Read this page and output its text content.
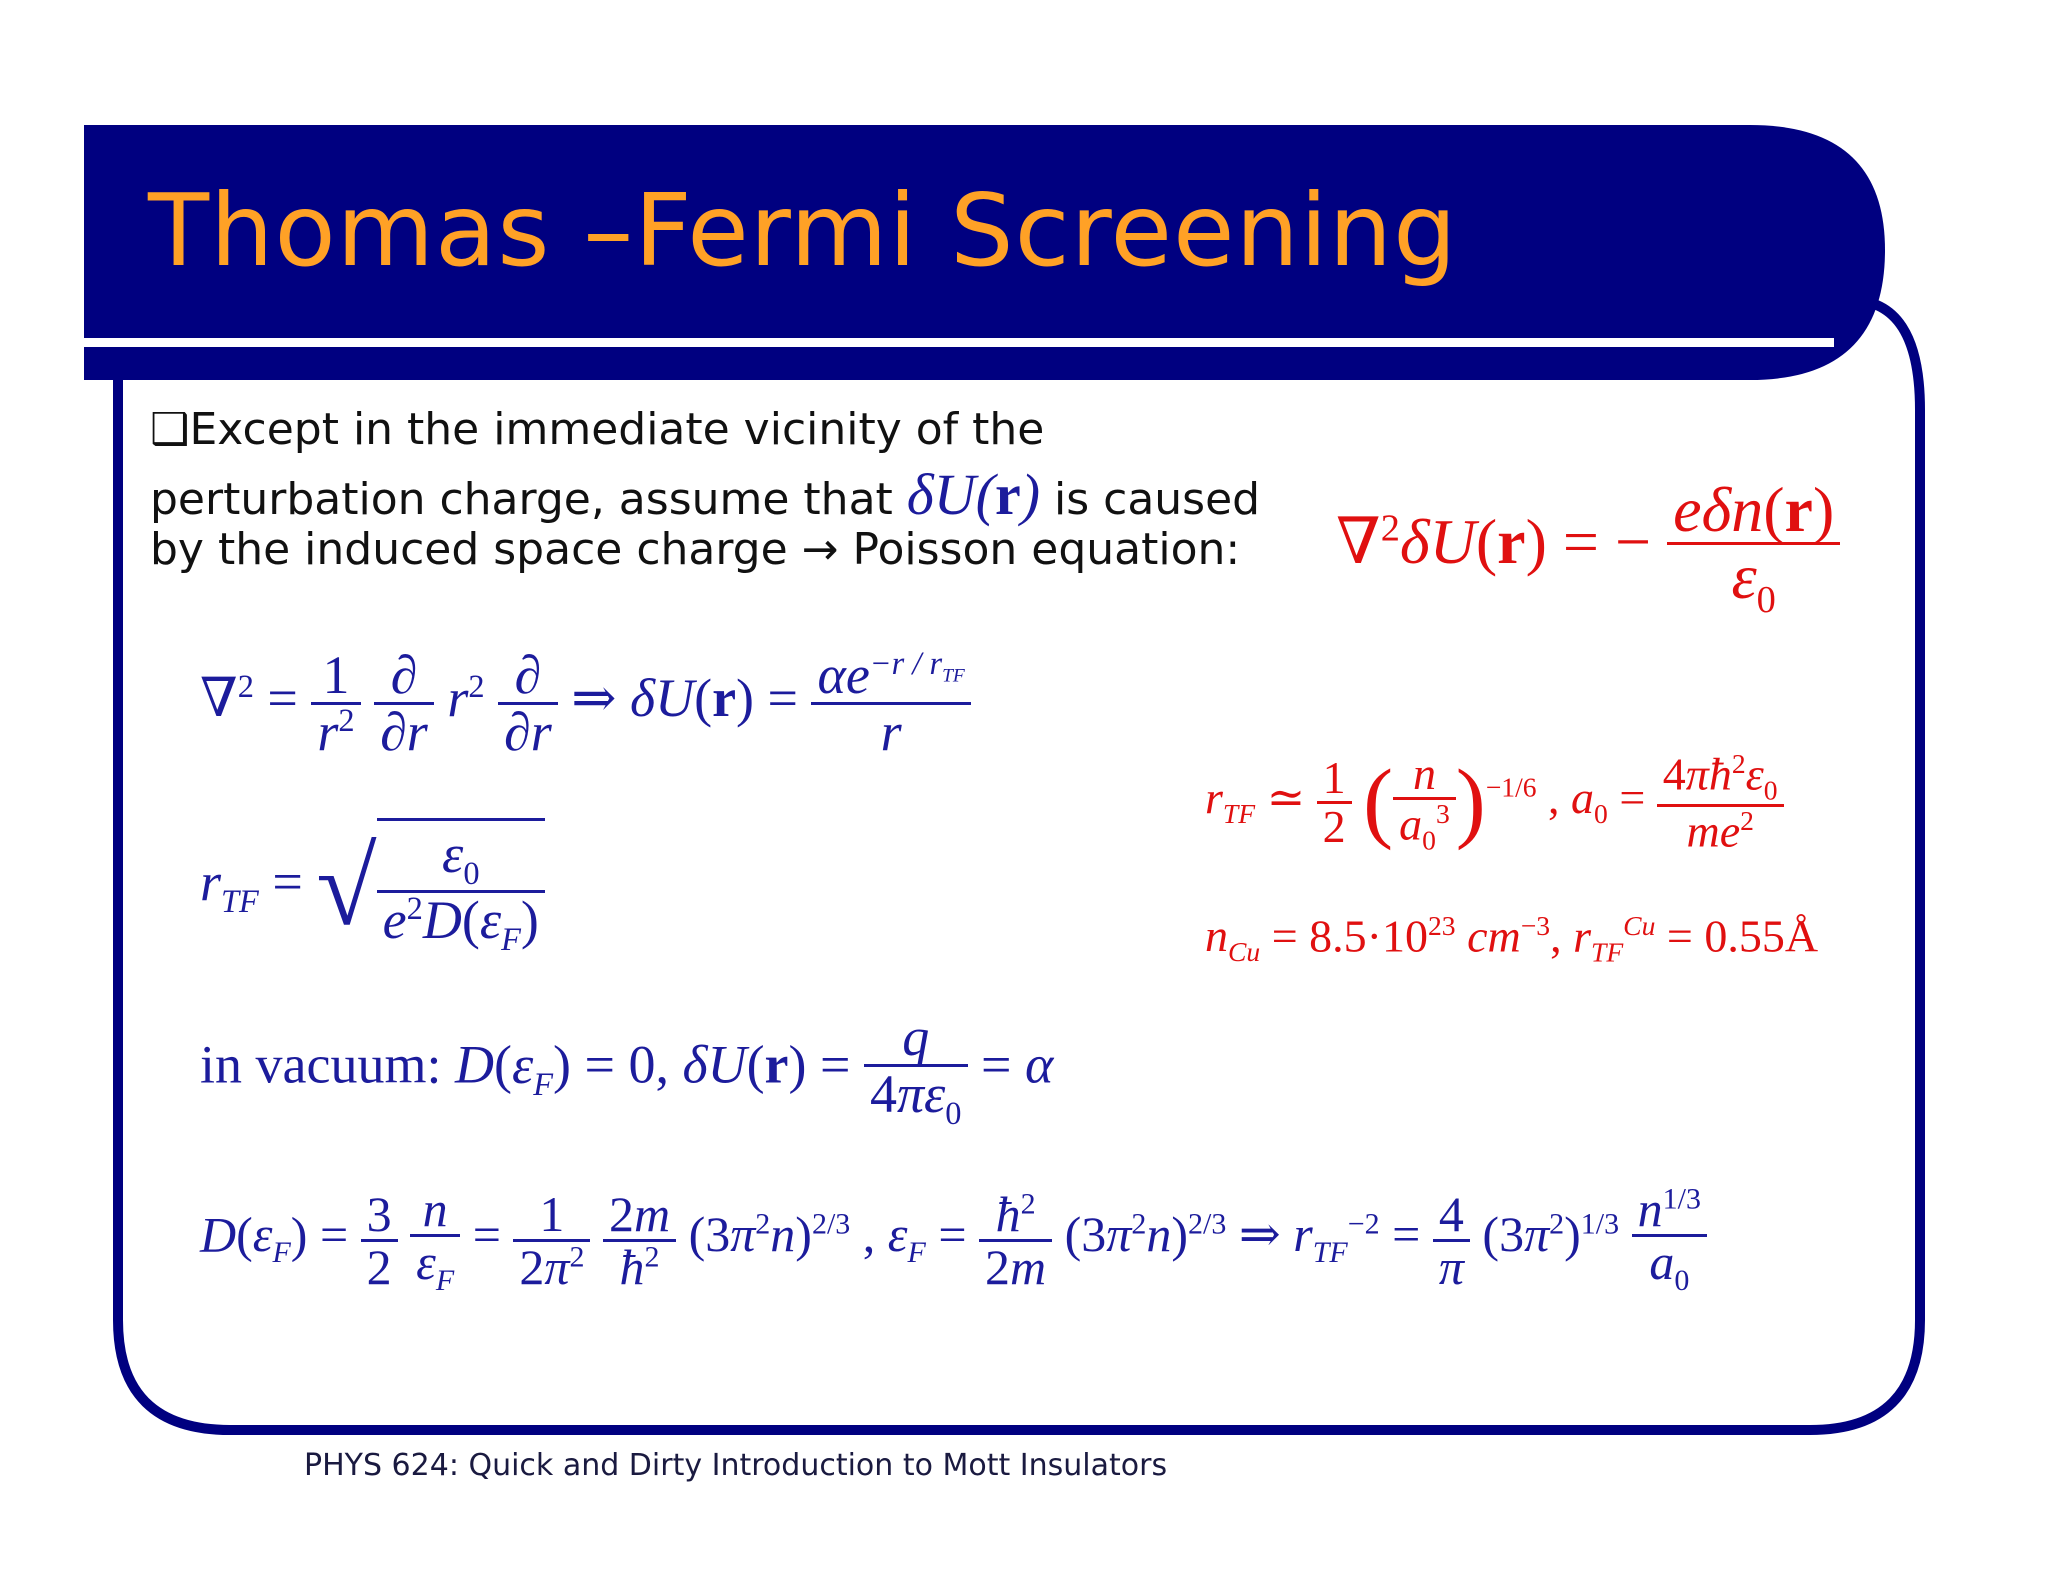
Thomas –Fermi Screening
❑Except in the immediate vicinity of the
perturbation charge, assume that δU(r) is caused
by the induced space charge → Poisson equation: ∇$^2$δU(r) = − $\frac{\text{eδn(r)}}{\varepsilon_0}$
$\nabla^2 = \frac{1}{r^2}$
$\frac{\partial}{\partial r} r^2 \frac{\partial}{\partial r}$ ⇒ $\delta U(r) = \frac{\alpha e^{-r / r_{TF}}}{r}$
$r_{TF}$ = √ $\frac{\varepsilon_0}{e^2D(\varepsilon_F)}$
$r_{TF}$ ≃ $\frac{1}{2}$ ( $\frac{n}{a_0^3} )^{-1/6}$ , $a_0 = \frac{4\pi ħ^2\varepsilon_0}{me^2}$
$n_{Cu} = 8.5\cdot 10^{23}$ $cm^{-3}$, $r_{TF}^{Cu}$ = 0.55Å
in vacuum: $D(\varepsilon_F) = 0$, $\delta U(r) = \frac{q}{4\pi\varepsilon_0} = \alpha$
$D(\varepsilon_F) = \frac{3}{2}$
$\frac{n}{\varepsilon_F} = \frac{1}{2\pi^2}$
$\frac{2m}{ħ^2} (3\pi^2n)^{2/3}$ , $\varepsilon_F = \frac{ħ^2}{2m} (3\pi^2n)^{2/3}$ ⇒ $r_{TF}^{-2} = \frac{4}{\pi} (3\pi^2)^{1/3} \frac{n^{1/3}}{a_0}$
PHYS 624: Quick and Dirty Introduction to Mott Insulators
